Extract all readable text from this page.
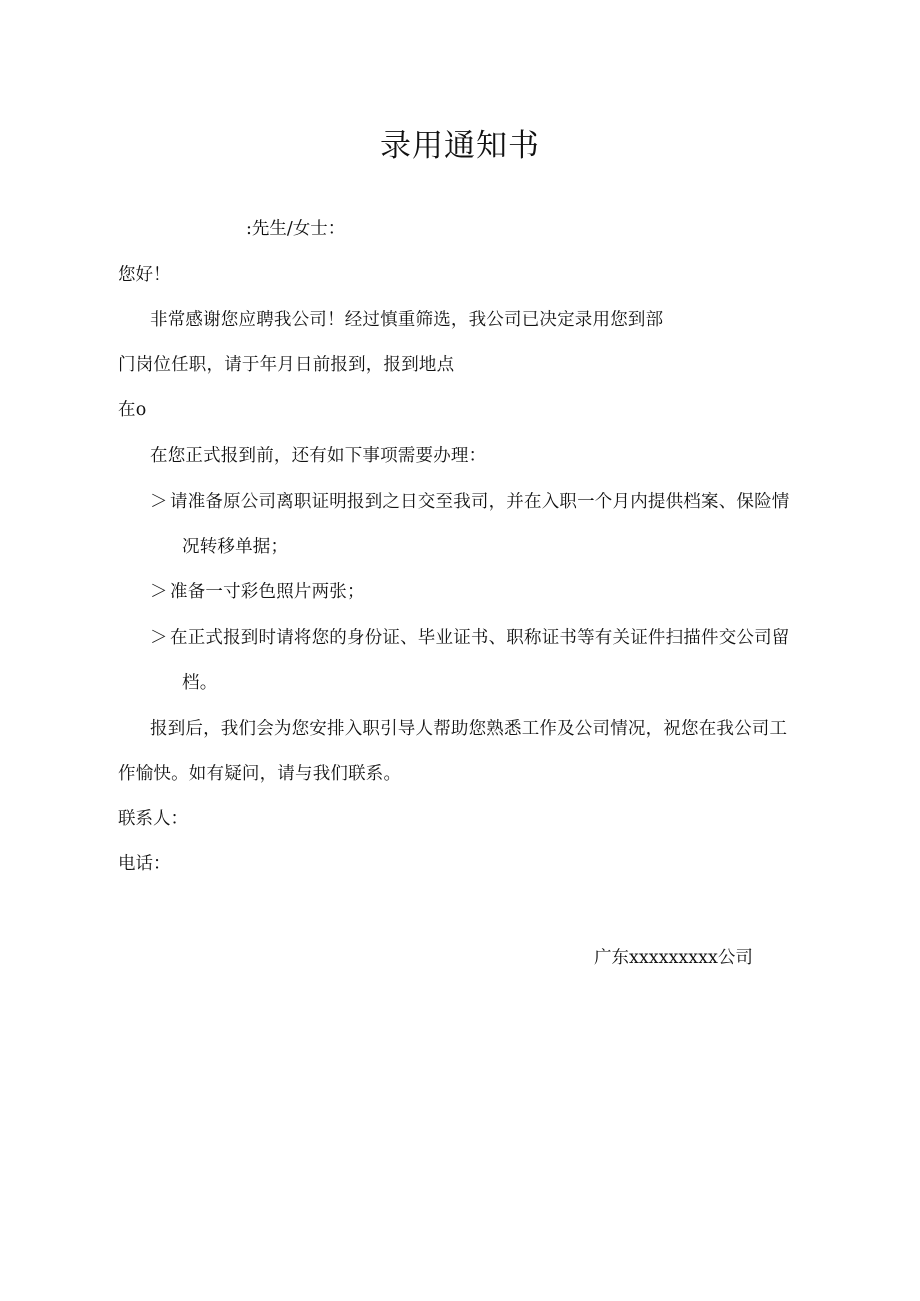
录用通知书

:先生/女士：

您好！

非常感谢您应聘我公司！经过慎重筛选，我公司已决定录用您到部

门岗位任职，请于年月日前报到，报到地点

在o

在您正式报到前，还有如下事项需要办理：

＞ 请准备原公司离职证明报到之日交至我司，并在入职一个月内提供档案、保险情

况转移单据；

＞ 准备一寸彩色照片两张；

＞ 在正式报到时请将您的身份证、毕业证书、职称证书等有关证件扫描件交公司留

档。

报到后，我们会为您安排入职引导人帮助您熟悉工作及公司情况，祝您在我公司工

作愉快。如有疑问，请与我们联系。

联系人：

电话：

广东xxxxxxxxx公司
